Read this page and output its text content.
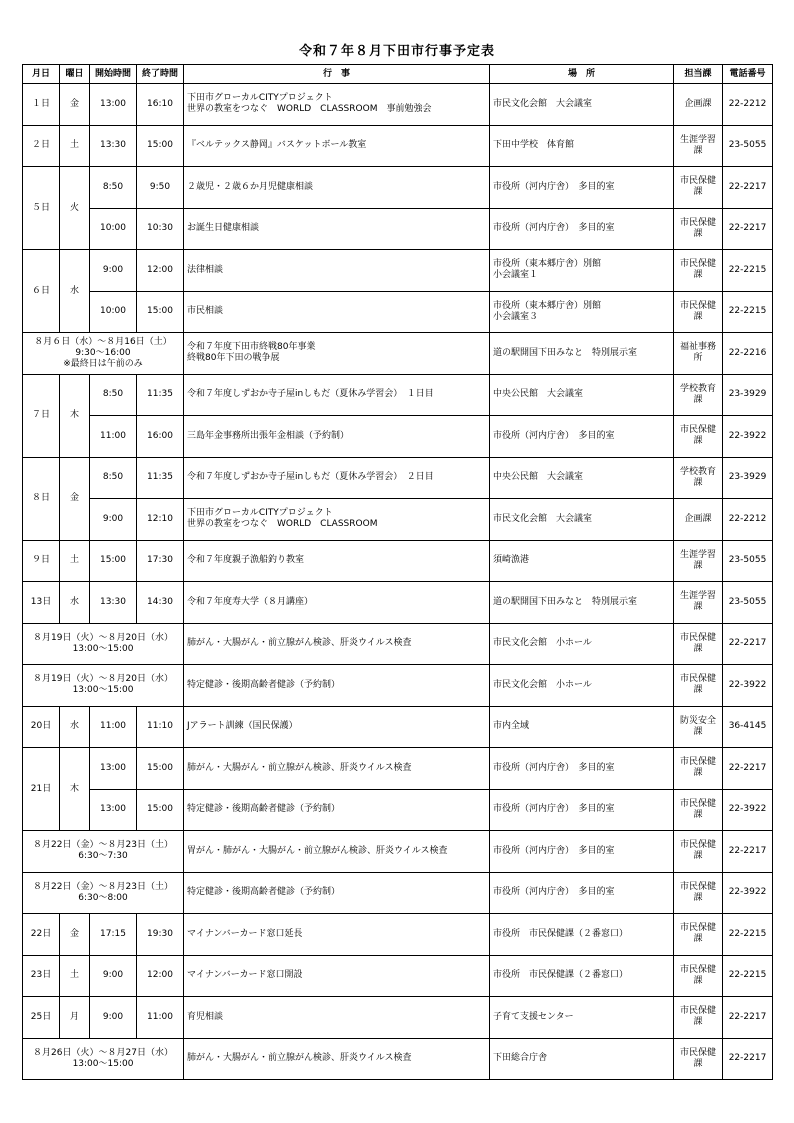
令和７年８月下田市行事予定表
月日	曜日	開始時間	終了時間	行　事	場　所	担当課	電話番号
１日	金	13:00	16:10	下田市グローカルCITYプロジェクト
世界の教室をつなぐ　WORLD　CLASSROOM　事前勉強会	市民文化会館　大会議室	企画課	22-2212
２日	土	13:30	15:00	『ベルテックス静岡』バスケットボール教室	下田中学校　体育館	生涯学習課	23-5055
５日	火	8:50	9:50	２歳児・２歳６か月児健康相談	市役所（河内庁舎）　多目的室	市民保健課	22-2217
		10:00	10:30	お誕生日健康相談	市役所（河内庁舎）　多目的室	市民保健課	22-2217
６日	水	9:00	12:00	法律相談	市役所（東本郷庁舎）別館
小会議室１	市民保健課	22-2215
		10:00	15:00	市民相談	市役所（東本郷庁舎）別館
小会議室３	市民保健課	22-2215

８月６日（水）～８月16日（土）
9:30～16:00
※最終日は午前のみ				令和７年度下田市終戦80年事業
終戦80年下田の戦争展	道の駅開国下田みなと　特別展示室	福祉事務所	22-2216
７日	木	8:50	11:35	令和７年度しずおか寺子屋inしもだ（夏休み学習会）　１日目	中央公民館　大会議室	学校教育課	23-3929
		11:00	16:00	三島年金事務所出張年金相談（予約制）	市役所（河内庁舎）　多目的室	市民保健課	22-3922
８日	金	8:50	11:35	令和７年度しずおか寺子屋inしもだ（夏休み学習会）　２日目	中央公民館　大会議室	学校教育課	23-3929
		9:00	12:10	下田市グローカルCITYプロジェクト
世界の教室をつなぐ　WORLD　CLASSROOM	市民文化会館　大会議室	企画課	22-2212
９日	土	15:00	17:30	令和７年度親子漁船釣り教室	須崎漁港	生涯学習課	23-5055
13日	水	13:30	14:30	令和７年度寿大学（８月講座）	道の駅開国下田みなと　特別展示室	生涯学習課	23-5055

８月19日（火）～８月20日（水）
13:00～15:00				肺がん・大腸がん・前立腺がん検診、肝炎ウイルス検査	市民文化会館　小ホール	市民保健課	22-2217

８月19日（火）～８月20日（水）
13:00～15:00				特定健診・後期高齢者健診（予約制）	市民文化会館　小ホール	市民保健課	22-3922
20日	水	11:00	11:10	Jアラート訓練（国民保護）	市内全域	防災安全課	36-4145
21日	木	13:00	15:00	肺がん・大腸がん・前立腺がん検診、肝炎ウイルス検査	市役所（河内庁舎）　多目的室	市民保健課	22-2217
		13:00	15:00	特定健診・後期高齢者健診（予約制）	市役所（河内庁舎）　多目的室	市民保健課	22-3922

８月22日（金）～８月23日（土）
6:30～7:30				胃がん・肺がん・大腸がん・前立腺がん検診、肝炎ウイルス検査	市役所（河内庁舎）　多目的室	市民保健課	22-2217

８月22日（金）～８月23日（土）
6:30～8:00				特定健診・後期高齢者健診（予約制）	市役所（河内庁舎）　多目的室	市民保健課	22-3922
22日	金	17:15	19:30	マイナンバーカード窓口延長	市役所　市民保健課（２番窓口）	市民保健課	22-2215
23日	土	9:00	12:00	マイナンバーカード窓口開設	市役所　市民保健課（２番窓口）	市民保健課	22-2215
25日	月	9:00	11:00	育児相談	子育て支援センター	市民保健課	22-2217

８月26日（火）～８月27日（水）
13:00～15:00				肺がん・大腸がん・前立腺がん検診、肝炎ウイルス検査	下田総合庁舎	市民保健課	22-2217
